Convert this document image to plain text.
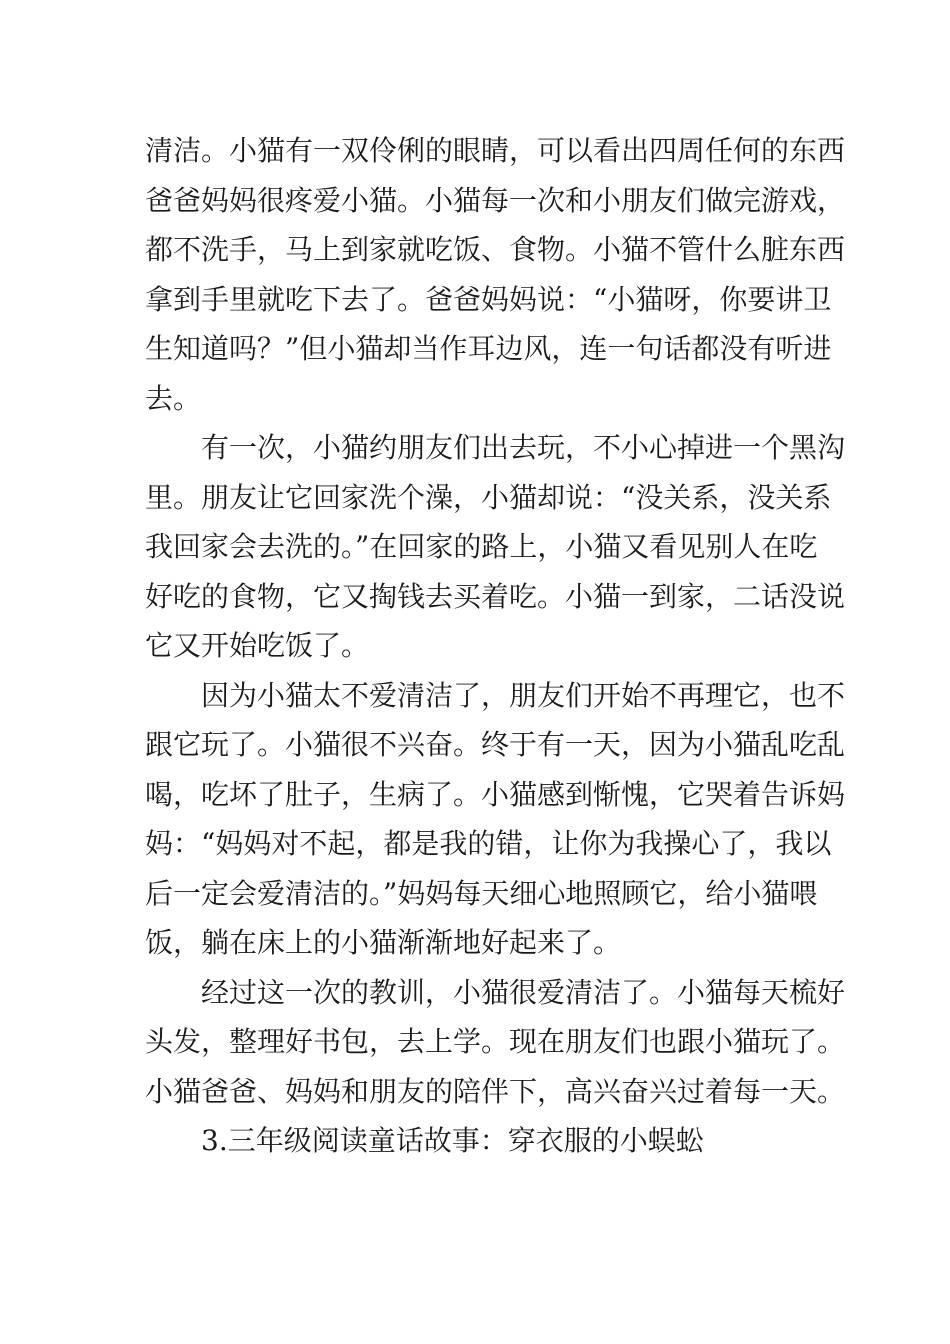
清洁。小猫有一双伶俐的眼睛，可以看出四周任何的东西
爸爸妈妈很疼爱小猫。小猫每一次和小朋友们做完游戏，
都不洗手，马上到家就吃饭、食物。小猫不管什么脏东西
拿到手里就吃下去了。爸爸妈妈说：“小猫呀，你要讲卫
生知道吗？”但小猫却当作耳边风，连一句话都没有听进
去。
有一次，小猫约朋友们出去玩，不小心掉进一个黑沟
里。朋友让它回家洗个澡，小猫却说：“没关系，没关系
我回家会去洗的。”在回家的路上，小猫又看见别人在吃
好吃的食物，它又掏钱去买着吃。小猫一到家，二话没说
它又开始吃饭了。
因为小猫太不爱清洁了，朋友们开始不再理它，也不
跟它玩了。小猫很不兴奋。终于有一天，因为小猫乱吃乱
喝，吃坏了肚子，生病了。小猫感到惭愧，它哭着告诉妈
妈：“妈妈对不起，都是我的错，让你为我操心了，我以
后一定会爱清洁的。”妈妈每天细心地照顾它，给小猫喂
饭，躺在床上的小猫渐渐地好起来了。
经过这一次的教训，小猫很爱清洁了。小猫每天梳好
头发，整理好书包，去上学。现在朋友们也跟小猫玩了。
小猫爸爸、妈妈和朋友的陪伴下，高兴奋兴过着每一天。
3.三年级阅读童话故事：穿衣服的小蜈蚣
